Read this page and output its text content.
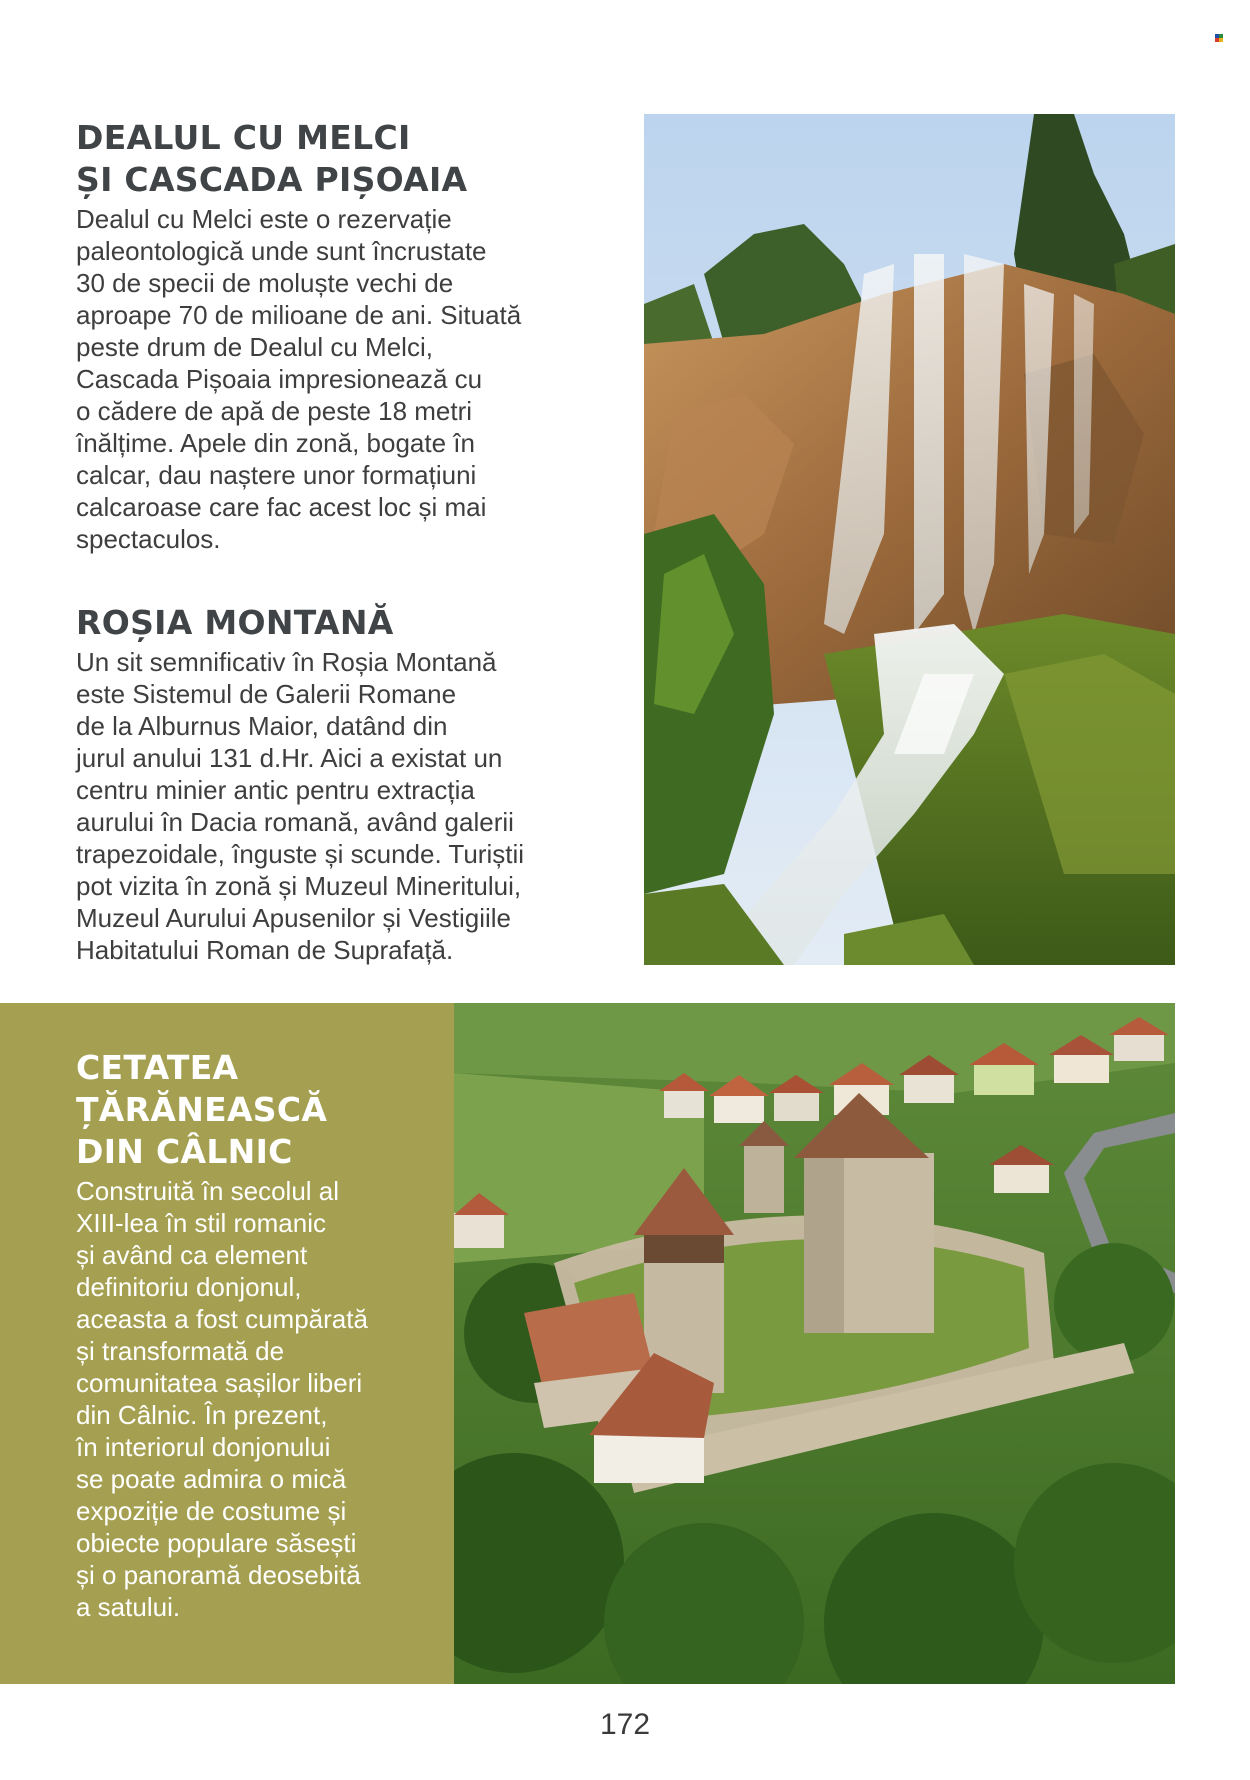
DEALUL CU MELCI
ȘI CASCADA PIȘOAIA

Dealul cu Melci este o rezervație
paleontologică unde sunt încrustate
30 de specii de moluște vechi de
aproape 70 de milioane de ani. Situată
peste drum de Dealul cu Melci,
Cascada Pișoaia impresionează cu
o cădere de apă de peste 18 metri
înălțime. Apele din zonă, bogate în
calcar, dau naștere unor formațiuni
calcaroase care fac acest loc și mai
spectaculos.

ROȘIA MONTANĂ

Un sit semnificativ în Roșia Montană
este Sistemul de Galerii Romane
de la Alburnus Maior, datând din
jurul anului 131 d.Hr. Aici a existat un
centru minier antic pentru extracția
aurului în Dacia romană, având galerii
trapezoidale, înguste și scunde. Turiștii
pot vizita în zonă și Muzeul Mineritului,
Muzeul Aurului Apusenilor și Vestigiile
Habitatului Roman de Suprafață.

CETATEA
ȚĂRĂNEASCĂ
DIN CÂLNIC

Construită în secolul al
XIII-lea în stil romanic
și având ca element
definitoriu donjonul,
aceasta a fost cumpărată
și transformată de
comunitatea sașilor liberi
din Câlnic. În prezent,
în interiorul donjonului
se poate admira o mică
expoziție de costume și
obiecte populare săsești
și o panoramă deosebită
a satului.

172
